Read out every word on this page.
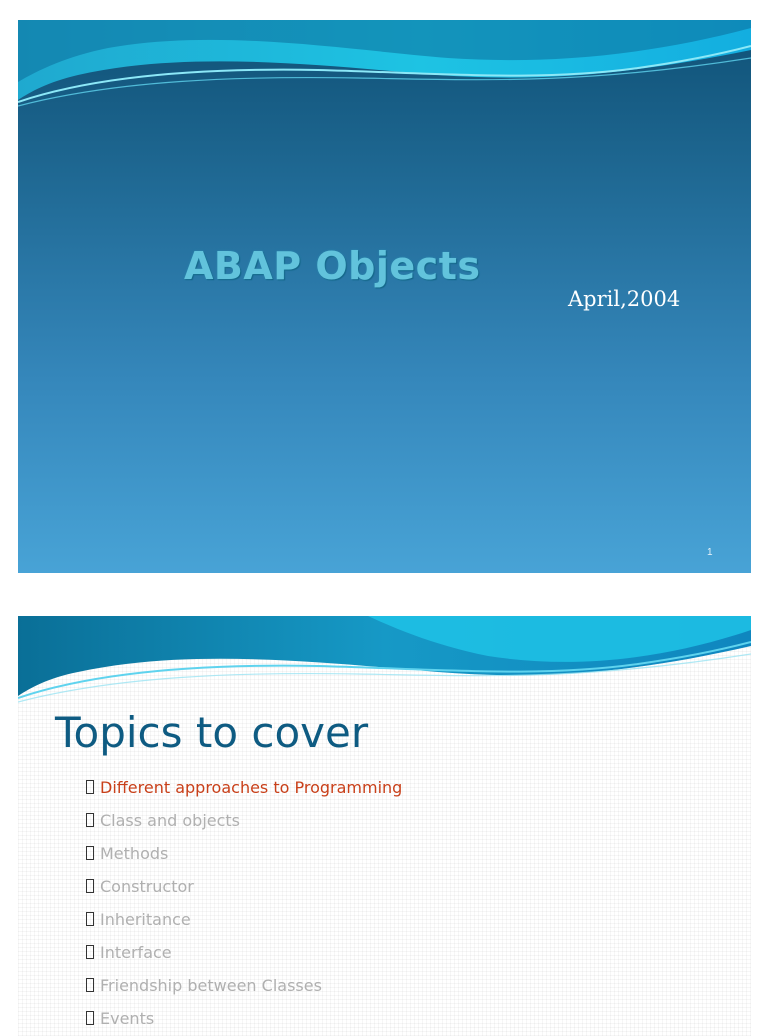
ABAP Objects
April,2004
1
Topics to cover
Different approaches to Programming
Class and objects
Methods
Constructor
Inheritance
Interface
Friendship between Classes
Events
